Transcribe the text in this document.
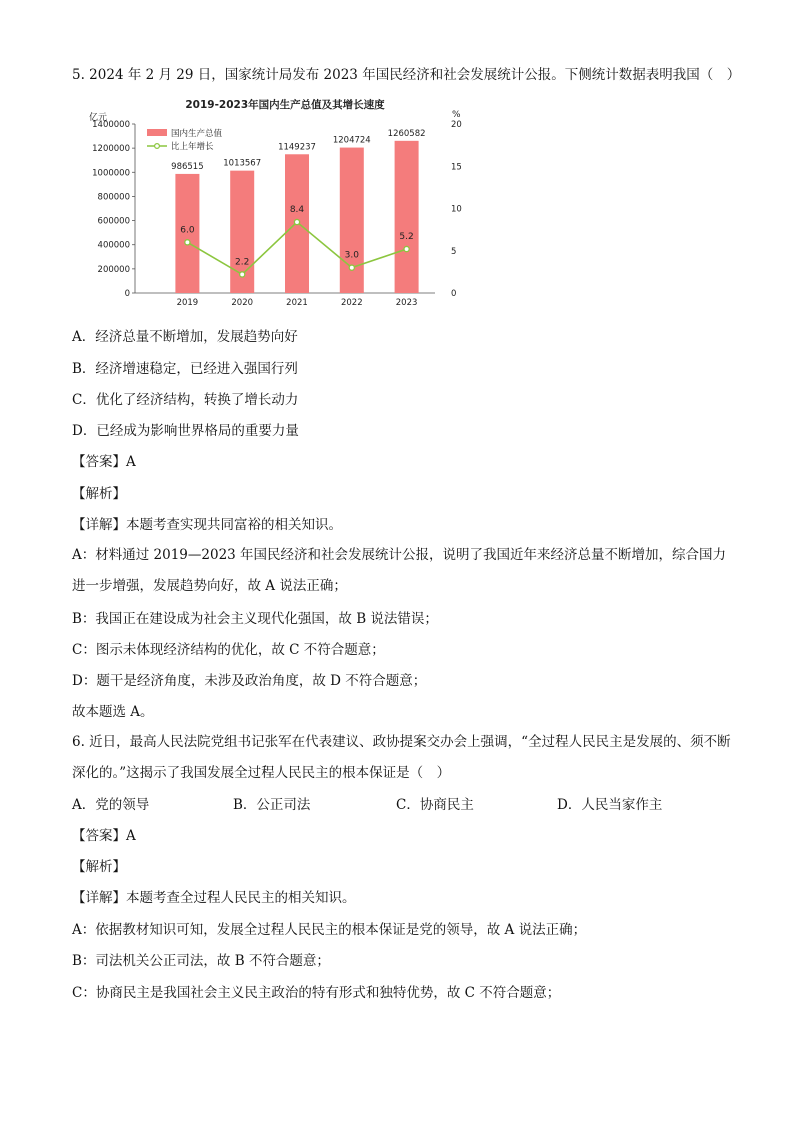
5. 2024 年 2 月 29 日，国家统计局发布 2023 年国民经济和社会发展统计公报。下侧统计数据表明我国（　）
2019-2023年国内生产总值及其增长速度
亿元	%
0
200000
400000
600000
800000
1000000
1200000
1400000
0
5
10
15
20
986515
2019
1013567
2020
1149237
2021
1204724
2022
1260582
2023
6.0
2.2
8.4
3.0
5.2
国内生产总值
比上年增长
A．经济总量不断增加，发展趋势向好
B．经济增速稳定，已经进入强国行列
C．优化了经济结构，转换了增长动力
D．已经成为影响世界格局的重要力量
【答案】A
【解析】
【详解】本题考查实现共同富裕的相关知识。
A：材料通过 2019—2023 年国民经济和社会发展统计公报，说明了我国近年来经济总量不断增加，综合国力进一步增强，发展趋势向好，故 A 说法正确；
B：我国正在建设成为社会主义现代化强国，故 B 说法错误；
C：图示未体现经济结构的优化，故 C 不符合题意；
D：题干是经济角度，未涉及政治角度，故 D 不符合题意；
故本题选 A。
6. 近日，最高人民法院党组书记张军在代表建议、政协提案交办会上强调，“全过程人民民主是发展的、须不断深化的。”这揭示了我国发展全过程人民民主的根本保证是（　）
A．党的领导	B．公正司法	C．协商民主	D．人民当家作主
【答案】A
【解析】
【详解】本题考查全过程人民民主的相关知识。
A：依据教材知识可知，发展全过程人民民主的根本保证是党的领导，故 A 说法正确；
B：司法机关公正司法，故 B 不符合题意；
C：协商民主是我国社会主义民主政治的特有形式和独特优势，故 C 不符合题意；
